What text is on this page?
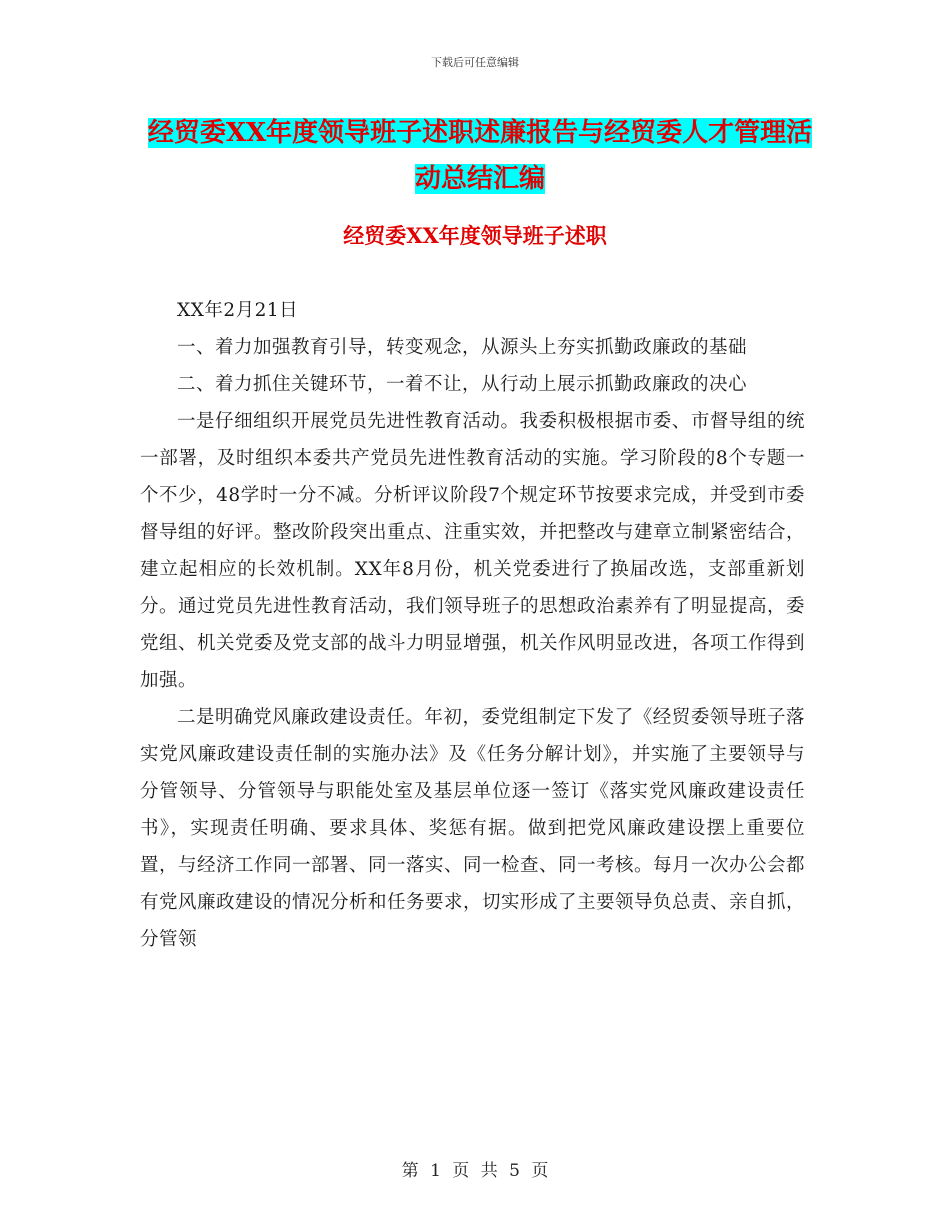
下载后可任意编辑
经贸委XX年度领导班子述职述廉报告与经贸委人才管理活动总结汇编
经贸委XX年度领导班子述职

XX年2月21日

一、着力加强教育引导，转变观念，从源头上夯实抓勤政廉政的基础

二、着力抓住关键环节，一着不让，从行动上展示抓勤政廉政的决心

一是仔细组织开展党员先进性教育活动。我委积极根据市委、市督导组的统一部署，及时组织本委共产党员先进性教育活动的实施。学习阶段的8个专题一个不少，48学时一分不减。分析评议阶段7个规定环节按要求完成，并受到市委督导组的好评。整改阶段突出重点、注重实效，并把整改与建章立制紧密结合，建立起相应的长效机制。XX年8月份，机关党委进行了换届改选，支部重新划分。通过党员先进性教育活动，我们领导班子的思想政治素养有了明显提高，委党组、机关党委及党支部的战斗力明显增强，机关作风明显改进，各项工作得到加强。

二是明确党风廉政建设责任。年初，委党组制定下发了《经贸委领导班子落实党风廉政建设责任制的实施办法》及《任务分解计划》，并实施了主要领导与分管领导、分管领导与职能处室及基层单位逐一签订《落实党风廉政建设责任书》，实现责任明确、要求具体、奖惩有据。做到把党风廉政建设摆上重要位置，与经济工作同一部署、同一落实、同一检查、同一考核。每月一次办公会都有党风廉政建设的情况分析和任务要求，切实形成了主要领导负总责、亲自抓，分管领

第 1 页 共 5 页
